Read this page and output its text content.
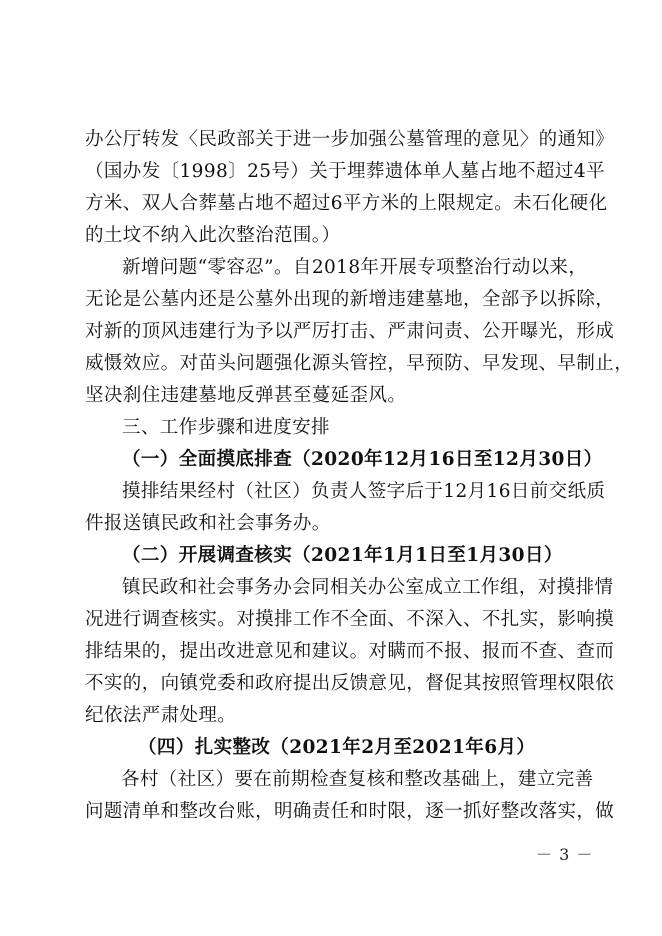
办公厅转发〈民政部关于进一步加强公墓管理的意见〉的通知》
（国办发〔1998〕25号）关于埋葬遗体单人墓占地不超过4平
方米、双人合葬墓占地不超过6平方米的上限规定。未石化硬化
的土坟不纳入此次整治范围。）
新增问题“零容忍”。自2018年开展专项整治行动以来，
无论是公墓内还是公墓外出现的新增违建墓地，全部予以拆除，
对新的顶风违建行为予以严厉打击、严肃问责、公开曝光，形成
威慑效应。对苗头问题强化源头管控，早预防、早发现、早制止，
坚决刹住违建墓地反弹甚至蔓延歪风。
三、工作步骤和进度安排
（一）全面摸底排查（2020年12月16日至12月30日）
摸排结果经村（社区）负责人签字后于12月16日前交纸质
件报送镇民政和社会事务办。
（二）开展调查核实（2021年1月1日至1月30日）
镇民政和社会事务办会同相关办公室成立工作组，对摸排情
况进行调查核实。对摸排工作不全面、不深入、不扎实，影响摸
排结果的，提出改进意见和建议。对瞒而不报、报而不查、查而
不实的，向镇党委和政府提出反馈意见，督促其按照管理权限依
纪依法严肃处理。
（四）扎实整改（2021年2月至2021年6月）
各村（社区）要在前期检查复核和整改基础上，建立完善
问题清单和整改台账，明确责任和时限，逐一抓好整改落实，做
－ 3 －
